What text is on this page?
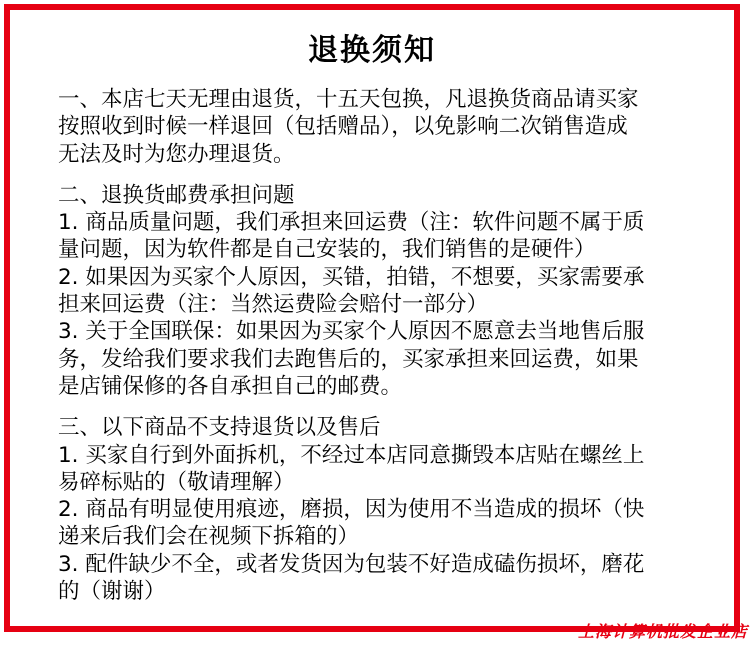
退换须知
一、本店七天无理由退货，十五天包换，凡退换货商品请买家
按照收到时候一样退回（包括赠品），以免影响二次销售造成
无法及时为您办理退货。
二、退换货邮费承担问题
1. 商品质量问题，我们承担来回运费（注：软件问题不属于质
量问题，因为软件都是自己安装的，我们销售的是硬件）
2. 如果因为买家个人原因，买错，拍错，不想要，买家需要承
担来回运费（注：当然运费险会赔付一部分）
3. 关于全国联保：如果因为买家个人原因不愿意去当地售后服
务，发给我们要求我们去跑售后的，买家承担来回运费，如果
是店铺保修的各自承担自己的邮费。
三、以下商品不支持退货以及售后
1. 买家自行到外面拆机，不经过本店同意撕毁本店贴在螺丝上
易碎标贴的（敬请理解）
2. 商品有明显使用痕迹，磨损，因为使用不当造成的损坏（快
递来后我们会在视频下拆箱的）
3. 配件缺少不全，或者发货因为包装不好造成磕伤损坏，磨花
的（谢谢）
上海计算机批发企业店
